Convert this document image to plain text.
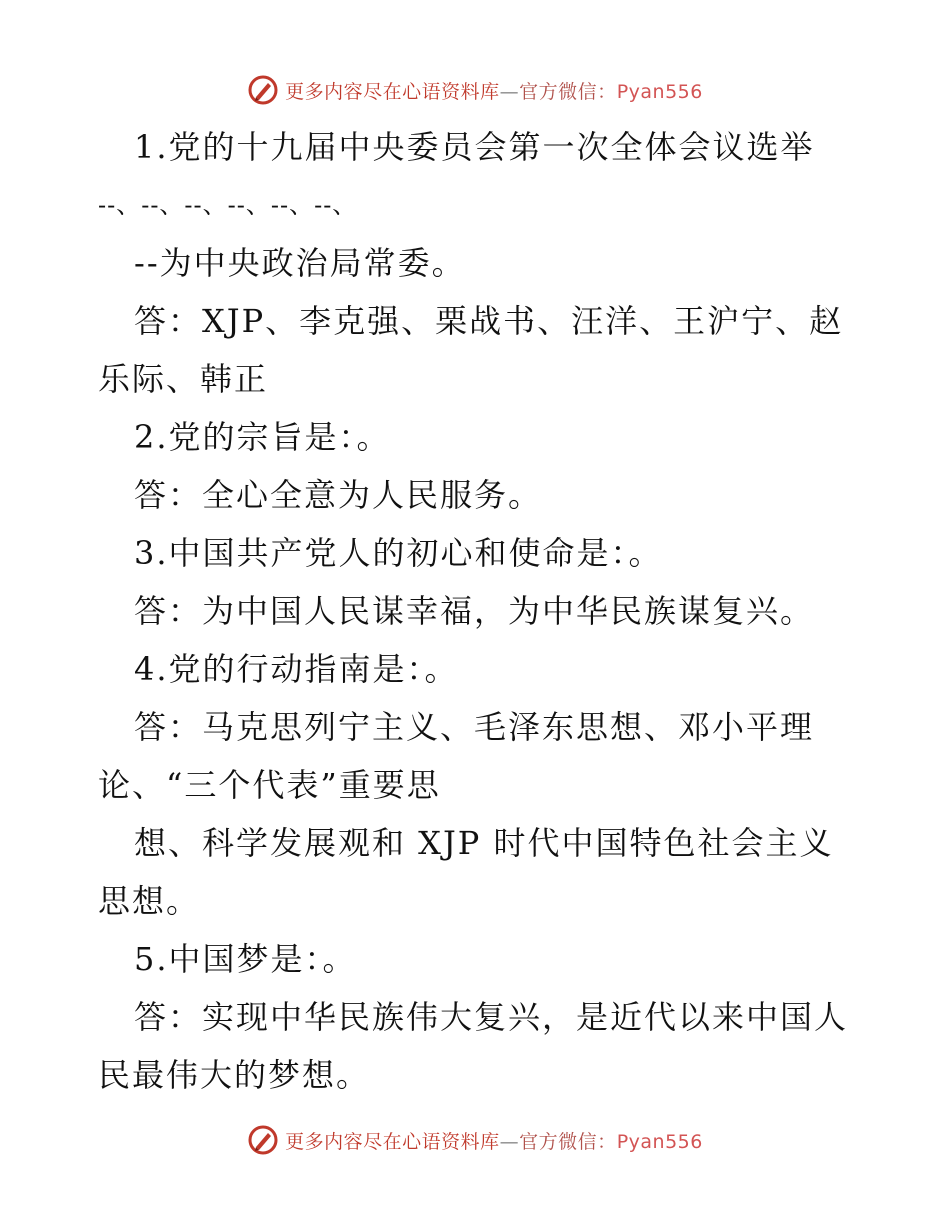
更多内容尽在心语资料库—官方微信：Pyan556
1.党的十九届中央委员会第一次全体会议选举
--、--、--、--、--、--、
--为中央政治局常委。
答：XJP、李克强、栗战书、汪洋、王沪宁、赵
乐际、韩正
2.党的宗旨是：。
答：全心全意为人民服务。
3.中国共产党人的初心和使命是：。
答：为中国人民谋幸福，为中华民族谋复兴。
4.党的行动指南是：。
答：马克思列宁主义、毛泽东思想、邓小平理
论、“三个代表”重要思
想、科学发展观和 XJP 时代中国特色社会主义
思想。
5.中国梦是：。
答：实现中华民族伟大复兴，是近代以来中国人
民最伟大的梦想。
更多内容尽在心语资料库—官方微信：Pyan556
